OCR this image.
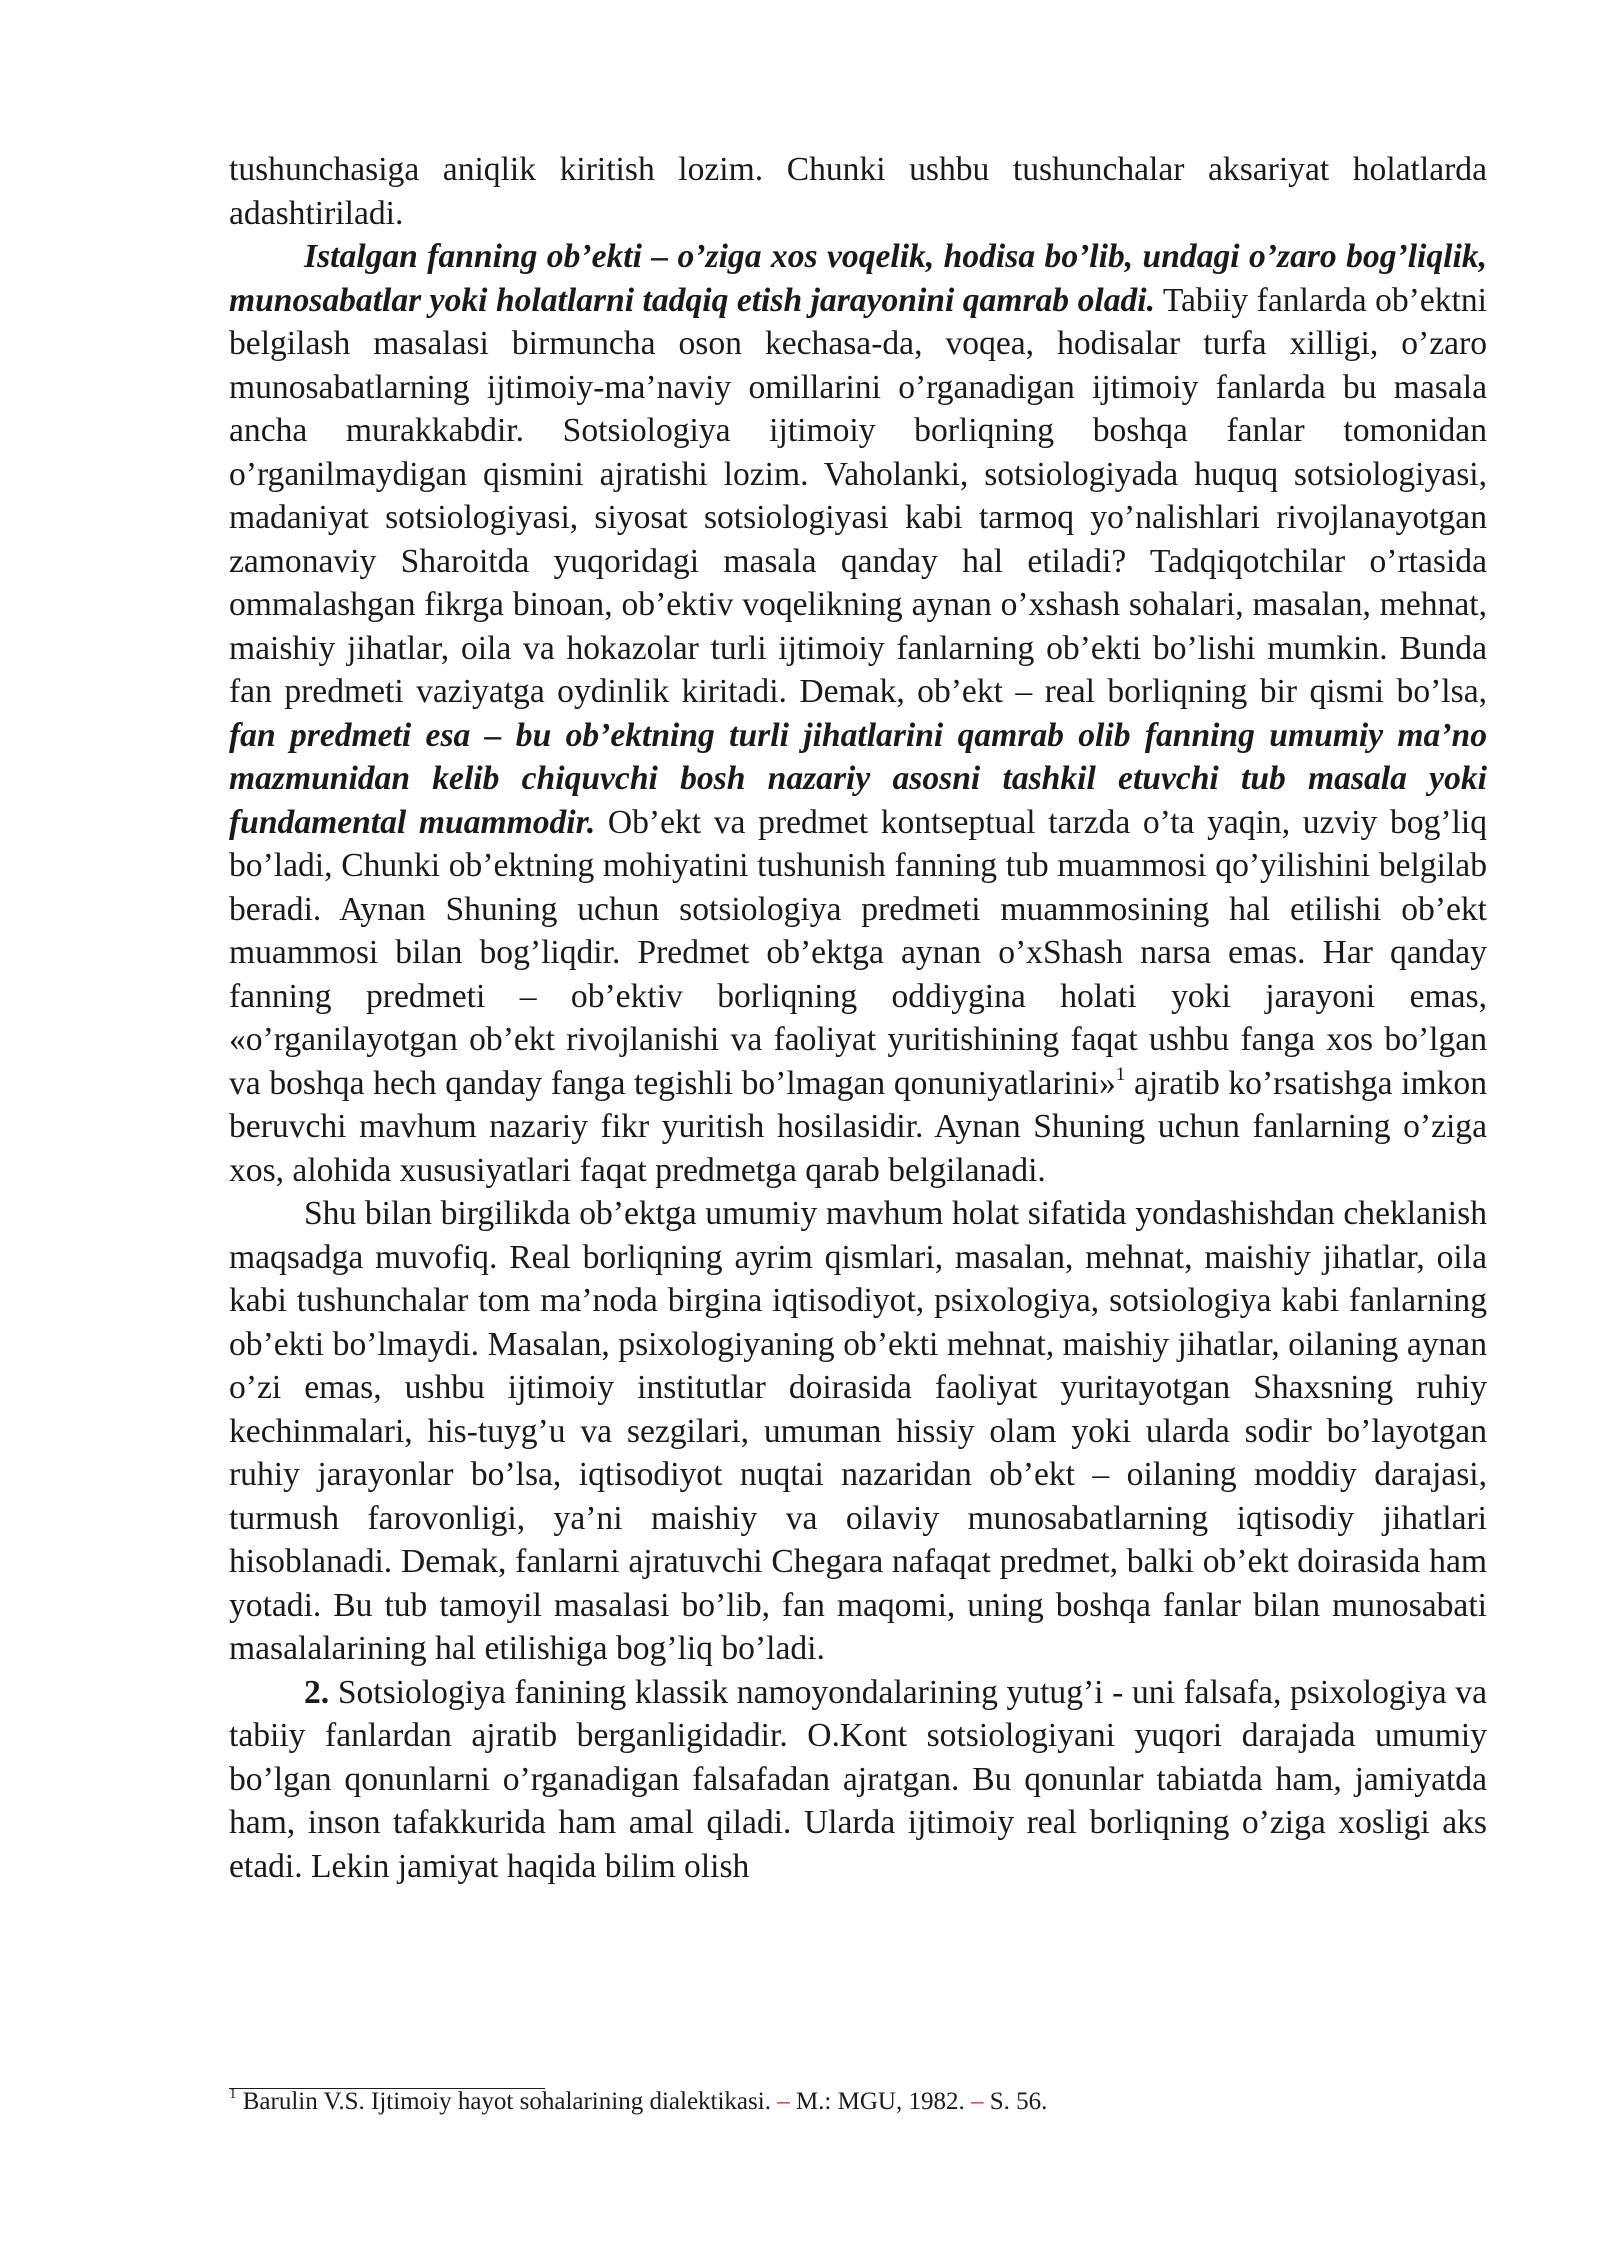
tushunchasiga aniqlik kiritish lozim. Chunki ushbu tushunchalar aksariyat holatlarda adashtiriladi.

Istalgan fanning ob’ekti – o’ziga xos voqelik, hodisa bo’lib, undagi o’zaro bog’liqlik, munosabatlar yoki holatlarni tadqiq etish jarayonini qamrab oladi. Tabiiy fanlarda ob’ektni belgilash masalasi birmuncha oson kechasa-da, voqea, hodisalar turfa xilligi, o’zaro munosabatlarning ijtimoiy-ma’naviy omillarini o’rganadigan ijtimoiy fanlarda bu masala ancha murakkabdir. Sotsiologiya ijtimoiy borliqning boshqa fanlar tomonidan o’rganilmaydigan qismini ajratishi lozim. Vaholanki, sotsiologiyada huquq sotsiologiyasi, madaniyat sotsiologiyasi, siyosat sotsiologiyasi kabi tarmoq yo’nalishlari rivojlanayotgan zamonaviy Sharoitda yuqoridagi masala qanday hal etiladi? Tadqiqotchilar o’rtasida ommalashgan fikrga binoan, ob’ektiv voqelikning aynan o’xshash sohalari, masalan, mehnat, maishiy jihatlar, oila va hokazolar turli ijtimoiy fanlarning ob’ekti bo’lishi mumkin. Bunda fan predmeti vaziyatga oydinlik kiritadi. Demak, ob’ekt – real borliqning bir qismi bo’lsa, fan predmeti esa – bu ob’ektning turli jihatlarini qamrab olib fanning umumiy ma’no mazmunidan kelib chiquvchi bosh nazariy asosni tashkil etuvchi tub masala yoki fundamental muammodir. Ob’ekt va predmet kontseptual tarzda o’ta yaqin, uzviy bog’liq bo’ladi, Chunki ob’ektning mohiyatini tushunish fanning tub muammosi qo’yilishini belgilab beradi. Aynan Shuning uchun sotsiologiya predmeti muammosining hal etilishi ob’ekt muammosi bilan bog’liqdir. Predmet ob’ektga aynan o’xShash narsa emas. Har qanday fanning predmeti – ob’ektiv borliqning oddiygina holati yoki jarayoni emas, «o’rganilayotgan ob’ekt rivojlanishi va faoliyat yuritishining faqat ushbu fanga xos bo’lgan va boshqa hech qanday fanga tegishli bo’lmagan qonuniyatlarini»$^1$ ajratib ko’rsatishga imkon beruvchi mavhum nazariy fikr yuritish hosilasidir. Aynan Shuning uchun fanlarning o’ziga xos, alohida xususiyatlari faqat predmetga qarab belgilanadi.

Shu bilan birgilikda ob’ektga umumiy mavhum holat sifatida yondashishdan cheklanish maqsadga muvofiq. Real borliqning ayrim qismlari, masalan, mehnat, maishiy jihatlar, oila kabi tushunchalar tom ma’noda birgina iqtisodiyot, psixologiya, sotsiologiya kabi fanlarning ob’ekti bo’lmaydi. Masalan, psixologiyaning ob’ekti mehnat, maishiy jihatlar, oilaning aynan o’zi emas, ushbu ijtimoiy institutlar doirasida faoliyat yuritayotgan Shaxsning ruhiy kechinmalari, his-tuyg’u va sezgilari, umuman hissiy olam yoki ularda sodir bo’layotgan ruhiy jarayonlar bo’lsa, iqtisodiyot nuqtai nazaridan ob’ekt – oilaning moddiy darajasi, turmush farovonligi, ya’ni maishiy va oilaviy munosabatlarning iqtisodiy jihatlari hisoblanadi. Demak, fanlarni ajratuvchi Chegara nafaqat predmet, balki ob’ekt doirasida ham yotadi. Bu tub tamoyil masalasi bo’lib, fan maqomi, uning boshqa fanlar bilan munosabati masalalarining hal etilishiga bog’liq bo’ladi.

2. Sotsiologiya fanining klassik namoyondalarining yutug’i - uni falsafa, psixologiya va tabiiy fanlardan ajratib berganligidadir. O.Kont sotsiologiyani yuqori darajada umumiy bo’lgan qonunlarni o’rganadigan falsafadan ajratgan. Bu qonunlar tabiatda ham, jamiyatda ham, inson tafakkurida ham amal qiladi. Ularda ijtimoiy real borliqning o’ziga xosligi aks etadi. Lekin jamiyat haqida bilim olish

$^1$ Barulin V.S. Ijtimoiy hayot sohalarining dialektikasi. – M.: MGU, 1982. – S. 56.
